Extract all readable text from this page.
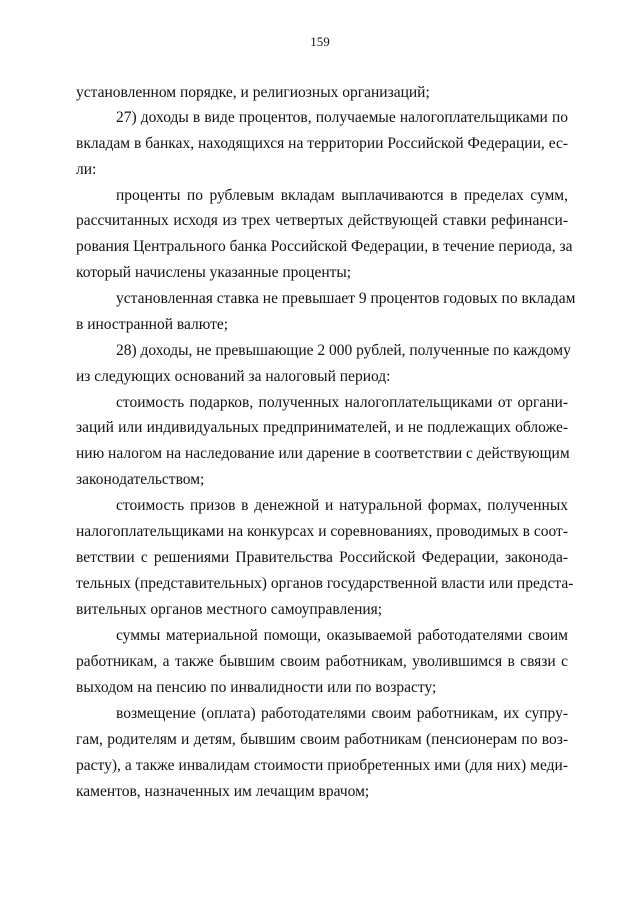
159
установленном порядке, и религиозных организаций;
27) доходы в виде процентов, получаемые налогоплательщиками по
вкладам в банках, находящихся на территории Российской Федерации, ес-
ли:
проценты по рублевым вкладам выплачиваются в пределах сумм,
рассчитанных исходя из трех четвертых действующей ставки рефинанси-
рования Центрального банка Российской Федерации, в течение периода, за
который начислены указанные проценты;
установленная ставка не превышает 9 процентов годовых по вкладам
в иностранной валюте;
28) доходы, не превышающие 2 000 рублей, полученные по каждому
из следующих оснований за налоговый период:
стоимость подарков, полученных налогоплательщиками от органи-
заций или индивидуальных предпринимателей, и не подлежащих обложе-
нию налогом на наследование или дарение в соответствии с действующим
законодательством;
стоимость призов в денежной и натуральной формах, полученных
налогоплательщиками на конкурсах и соревнованиях, проводимых в соот-
ветствии с решениями Правительства Российской Федерации, законода-
тельных (представительных) органов государственной власти или предста-
вительных органов местного самоуправления;
суммы материальной помощи, оказываемой работодателями своим
работникам, а также бывшим своим работникам, уволившимся в связи с
выходом на пенсию по инвалидности или по возрасту;
возмещение (оплата) работодателями своим работникам, их супру-
гам, родителям и детям, бывшим своим работникам (пенсионерам по воз-
расту), а также инвалидам стоимости приобретенных ими (для них) меди-
каментов, назначенных им лечащим врачом;
